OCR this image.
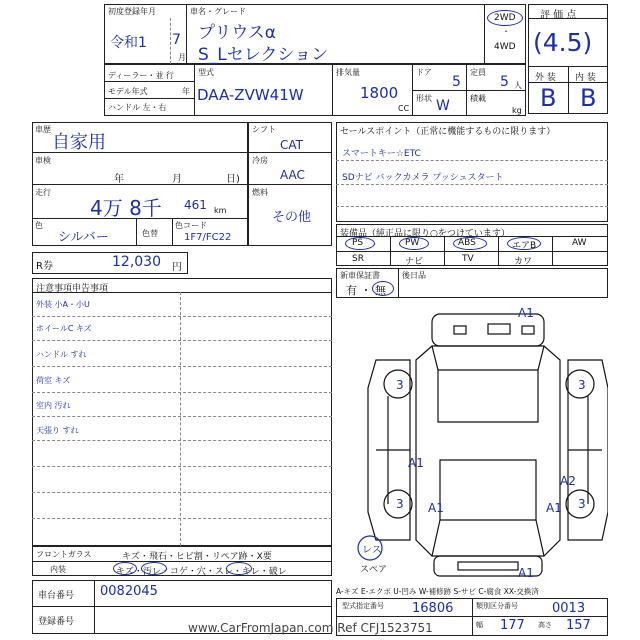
初度登録年月
令和1 7
月
車名・グレード
プリウスα
S_Lセレクション
2WD
・
4WD
評 価 点
(4.5)
外 装 内 装
B B
ディーラー・並 行
モデル年式	年
ハンドル 左・右
型式
DAA-ZVW41W
排気量
1800
CC
ドア
5
定員
5 人
形状 W	積載
kg
車歴
自家用
車検
年	月	日)
走行
4万 8千 461 km
色
シルバー	色替
色コード
1F7/FC22
シフト
CAT
冷房
AAC
燃料
その他
R券	12,030 円
セールスポイント（正常に機能するものに限ります）
スマートキー☆ETC
SDナビ バックカメラ プッシュスタート
装備品（純正品に限り○をつけています）
PS	PW	ABS	エアB	AW
SR	ナビ	TV	カワ
新車保証書
有 ・ 無
後日品
注意事項申告事項
外装 小A・小U
ホイールC キズ
ハンドル すれ
荷室 キズ
室内 汚れ
天張り すれ
フロントガラス	キズ・飛石・ヒビ割・リペア跡・X要
内装	キズ・汚レ・コゲ・穴・スレ・キレ・破レ
車台番号 0082045
登録番号
型式指定番号 16806	類別区分番号	0013
幅 177 高さ 157
A-キズ E-エクボ U-凹み W-補修跡 S-サビ C-腐食 XX-交換済
A1
3	3
A1
A2
3 A1	A1 3
A1
レス
スペア
www.CarFromJapan.com Ref CFJ1523751
